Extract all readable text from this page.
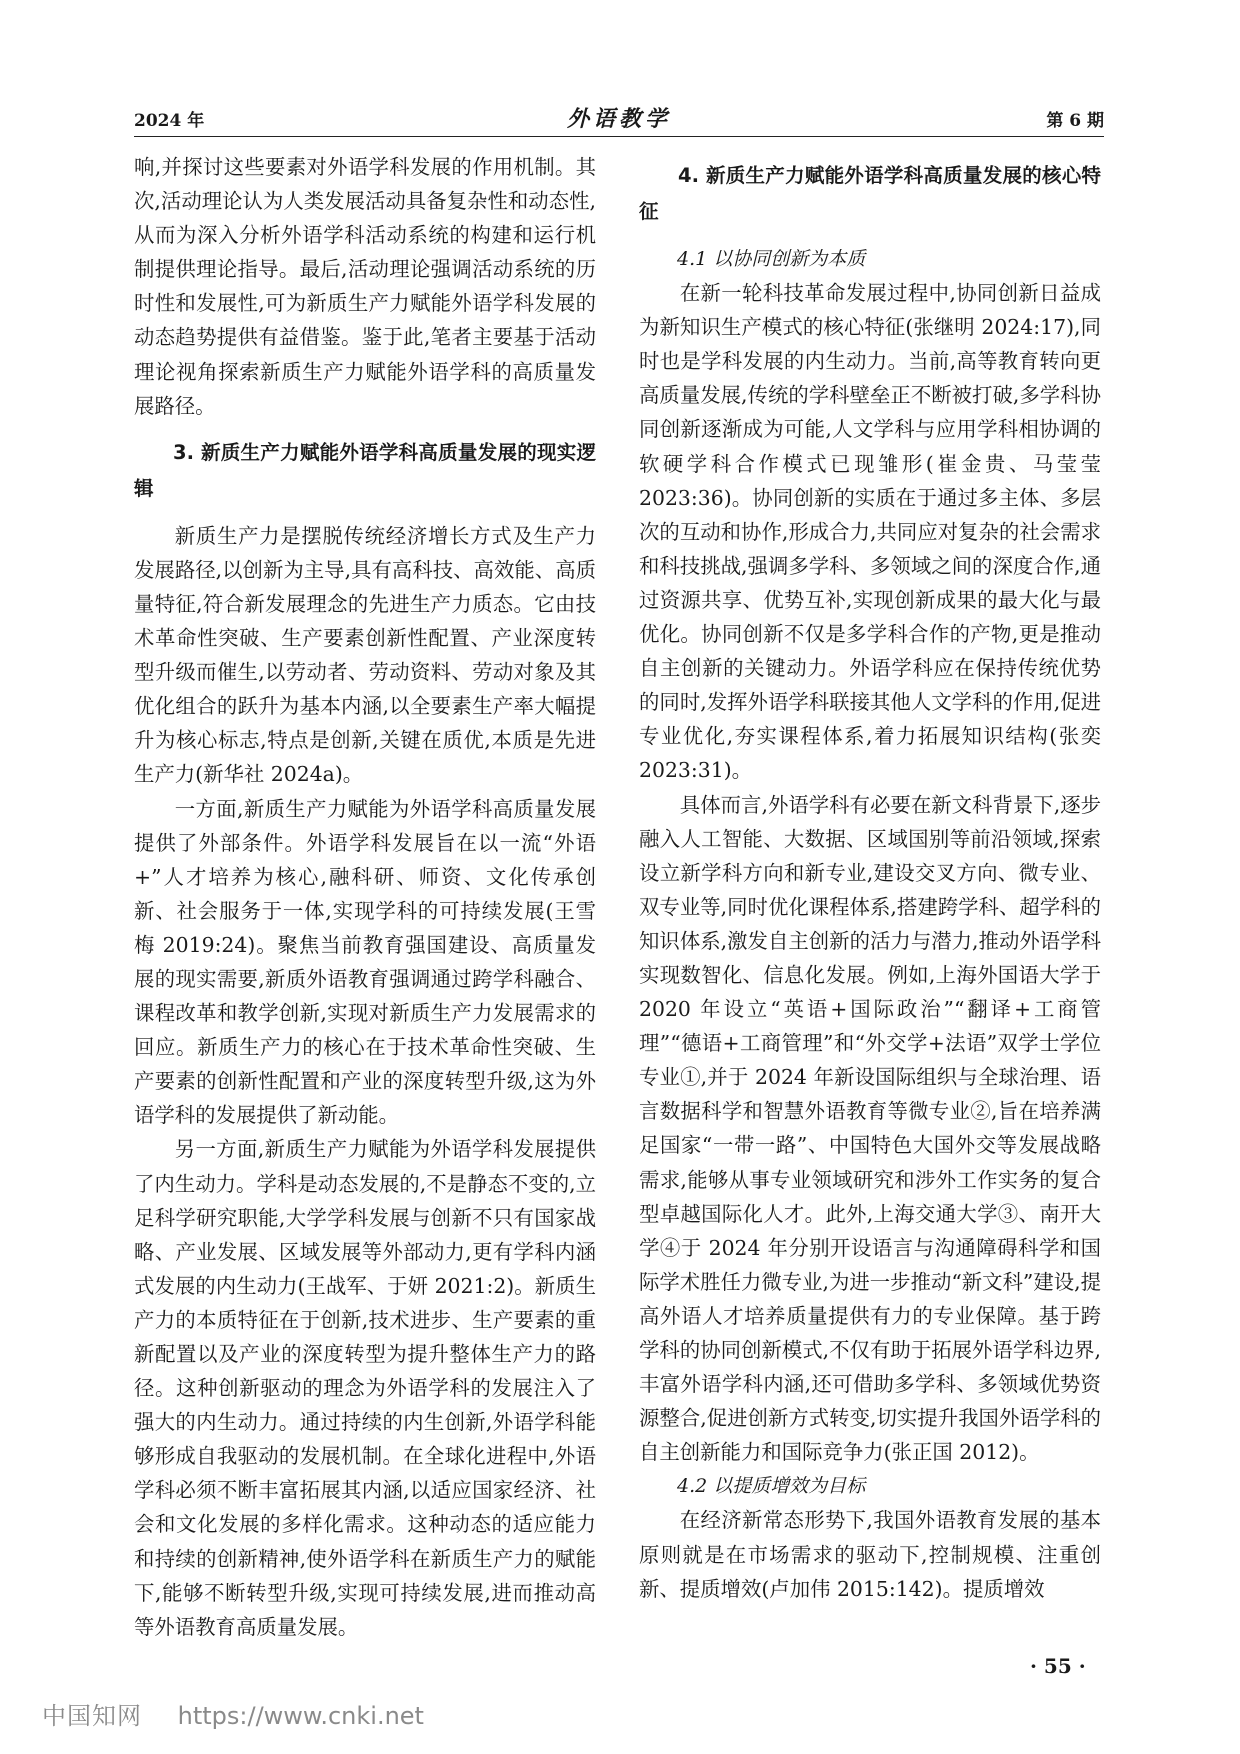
2024 年	外语教学	第 6 期

响,并探讨这些要素对外语学科发展的作用机制。其次,活动理论认为人类发展活动具备复杂性和动态性,从而为深入分析外语学科活动系统的构建和运行机制提供理论指导。最后,活动理论强调活动系统的历时性和发展性,可为新质生产力赋能外语学科发展的动态趋势提供有益借鉴。鉴于此,笔者主要基于活动理论视角探索新质生产力赋能外语学科的高质量发展路径。

3. 新质生产力赋能外语学科高质量发展的现实逻辑

新质生产力是摆脱传统经济增长方式及生产力发展路径,以创新为主导,具有高科技、高效能、高质量特征,符合新发展理念的先进生产力质态。它由技术革命性突破、生产要素创新性配置、产业深度转型升级而催生,以劳动者、劳动资料、劳动对象及其优化组合的跃升为基本内涵,以全要素生产率大幅提升为核心标志,特点是创新,关键在质优,本质是先进生产力(新华社 2024a)。

一方面,新质生产力赋能为外语学科高质量发展提供了外部条件。外语学科发展旨在以一流“外语+”人才培养为核心,融科研、师资、文化传承创新、社会服务于一体,实现学科的可持续发展(王雪梅 2019:24)。聚焦当前教育强国建设、高质量发展的现实需要,新质外语教育强调通过跨学科融合、课程改革和教学创新,实现对新质生产力发展需求的回应。新质生产力的核心在于技术革命性突破、生产要素的创新性配置和产业的深度转型升级,这为外语学科的发展提供了新动能。

另一方面,新质生产力赋能为外语学科发展提供了内生动力。学科是动态发展的,不是静态不变的,立足科学研究职能,大学学科发展与创新不只有国家战略、产业发展、区域发展等外部动力,更有学科内涵式发展的内生动力(王战军、于妍 2021:2)。新质生产力的本质特征在于创新,技术进步、生产要素的重新配置以及产业的深度转型为提升整体生产力的路径。这种创新驱动的理念为外语学科的发展注入了强大的内生动力。通过持续的内生创新,外语学科能够形成自我驱动的发展机制。在全球化进程中,外语学科必须不断丰富拓展其内涵,以适应国家经济、社会和文化发展的多样化需求。这种动态的适应能力和持续的创新精神,使外语学科在新质生产力的赋能下,能够不断转型升级,实现可持续发展,进而推动高等外语教育高质量发展。

4. 新质生产力赋能外语学科高质量发展的核心特征

4.1 以协同创新为本质

在新一轮科技革命发展过程中,协同创新日益成为新知识生产模式的核心特征(张继明 2024:17),同时也是学科发展的内生动力。当前,高等教育转向更高质量发展,传统的学科壁垒正不断被打破,多学科协同创新逐渐成为可能,人文学科与应用学科相协调的软硬学科合作模式已现雏形(崔金贵、马莹莹 2023:36)。协同创新的实质在于通过多主体、多层次的互动和协作,形成合力,共同应对复杂的社会需求和科技挑战,强调多学科、多领域之间的深度合作,通过资源共享、优势互补,实现创新成果的最大化与最优化。协同创新不仅是多学科合作的产物,更是推动自主创新的关键动力。外语学科应在保持传统优势的同时,发挥外语学科联接其他人文学科的作用,促进专业优化,夯实课程体系,着力拓展知识结构(张奕 2023:31)。

具体而言,外语学科有必要在新文科背景下,逐步融入人工智能、大数据、区域国别等前沿领域,探索设立新学科方向和新专业,建设交叉方向、微专业、双专业等,同时优化课程体系,搭建跨学科、超学科的知识体系,激发自主创新的活力与潜力,推动外语学科实现数智化、信息化发展。例如,上海外国语大学于 2020 年设立“英语+国际政治”“翻译+工商管理”“德语+工商管理”和“外交学+法语”双学士学位专业①,并于 2024 年新设国际组织与全球治理、语言数据科学和智慧外语教育等微专业②,旨在培养满足国家“一带一路”、中国特色大国外交等发展战略需求,能够从事专业领域研究和涉外工作实务的复合型卓越国际化人才。此外,上海交通大学③、南开大学④于 2024 年分别开设语言与沟通障碍科学和国际学术胜任力微专业,为进一步推动“新文科”建设,提高外语人才培养质量提供有力的专业保障。基于跨学科的协同创新模式,不仅有助于拓展外语学科边界,丰富外语学科内涵,还可借助多学科、多领域优势资源整合,促进创新方式转变,切实提升我国外语学科的自主创新能力和国际竞争力(张正国 2012)。

4.2 以提质增效为目标

在经济新常态形势下,我国外语教育发展的基本原则就是在市场需求的驱动下,控制规模、注重创新、提质增效(卢加伟 2015:142)。提质增效

· 55 ·
中国知网 https://www.cnki.net
